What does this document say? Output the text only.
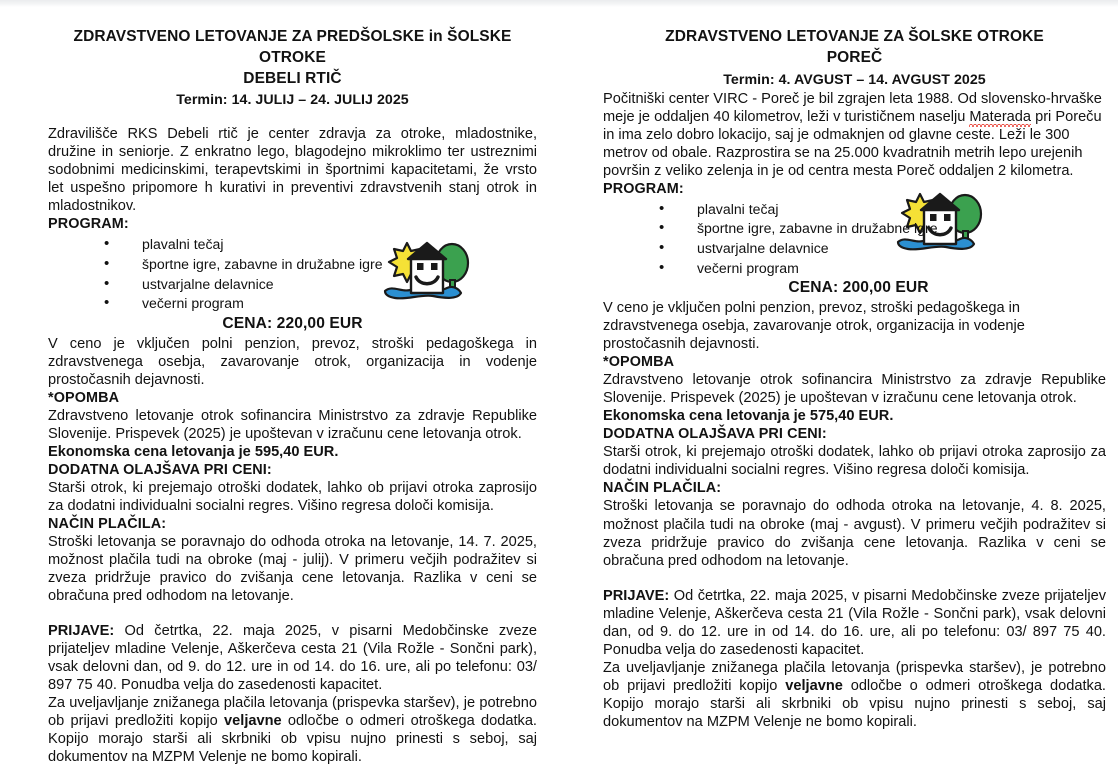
ZDRAVSTVENO LETOVANJE ZA PREDŠOLSKE in ŠOLSKE OTROKE
DEBELI RTIČ
Termin: 14. JULIJ – 24. JULIJ 2025

Zdravilišče RKS Debeli rtič je center zdravja za otroke, mladostnike, družine in seniorje. Z enkratno lego, blagodejno mikroklimo ter ustreznimi sodobnimi medicinskimi, terapevtskimi in športnimi kapacitetami, že vrsto let uspešno pripomore h kurativi in preventivi zdravstvenih stanj otrok in mladostnikov.

PROGRAM:

• plavalni tečaj
• športne igre, zabavne in družabne igre
• ustvarjalne delavnice
• večerni program

CENA: 220,00 EUR

V ceno je vključen polni penzion, prevoz, stroški pedagoškega in zdravstvenega osebja, zavarovanje otrok, organizacija in vodenje prostočasnih dejavnosti.

*OPOMBA

Zdravstveno letovanje otrok sofinancira Ministrstvo za zdravje Republike Slovenije. Prispevek (2025) je upoštevan v izračunu cene letovanja otrok.

Ekonomska cena letovanja je 595,40 EUR.

DODATNA OLAJŠAVA PRI CENI:

Starši otrok, ki prejemajo otroški dodatek, lahko ob prijavi otroka zaprosijo za dodatni individualni socialni regres. Višino regresa določi komisija.

NAČIN PLAČILA:

Stroški letovanja se poravnajo do odhoda otroka na letovanje, 14. 7. 2025, možnost plačila tudi na obroke (maj - julij). V primeru večjih podražitev si zveza pridržuje pravico do zvišanja cene letovanja. Razlika v ceni se obračuna pred odhodom na letovanje.

PRIJAVE: Od četrtka, 22. maja 2025, v pisarni Medobčinske zveze prijateljev mladine Velenje, Aškerčeva cesta 21 (Vila Rožle - Sončni park), vsak delovni dan, od 9. do 12. ure in od 14. do 16. ure, ali po telefonu: 03/ 897 75 40. Ponudba velja do zasedenosti kapacitet.

Za uveljavljanje znižanega plačila letovanja (prispevka staršev), je potrebno ob prijavi predložiti kopijo veljavne odločbe o odmeri otroškega dodatka. Kopijo morajo starši ali skrbniki ob vpisu nujno prinesti s seboj, saj dokumentov na MZPM Velenje ne bomo kopirali.

ZDRAVSTVENO LETOVANJE ZA ŠOLSKE OTROKE
POREČ
Termin: 4. AVGUST – 14. AVGUST 2025

Počitniški center VIRC - Poreč je bil zgrajen leta 1988. Od slovensko-hrvaške meje je oddaljen 40 kilometrov, leži v turističnem naselju Materada pri Poreču in ima zelo dobro lokacijo, saj je odmaknjen od glavne ceste. Leži le 300 metrov od obale. Razprostira se na 25.000 kvadratnih metrih lepo urejenih površin z veliko zelenja in je od centra mesta Poreč oddaljen 2 kilometra.

PROGRAM:

• plavalni tečaj
• športne igre, zabavne in družabne igre
• ustvarjalne delavnice
• večerni program

CENA: 200,00 EUR

V ceno je vključen polni penzion, prevoz, stroški pedagoškega in zdravstvenega osebja, zavarovanje otrok, organizacija in vodenje prostočasnih dejavnosti.

*OPOMBA

Zdravstveno letovanje otrok sofinancira Ministrstvo za zdravje Republike Slovenije. Prispevek (2025) je upoštevan v izračunu cene letovanja otrok.

Ekonomska cena letovanja je 575,40 EUR.

DODATNA OLAJŠAVA PRI CENI:

Starši otrok, ki prejemajo otroški dodatek, lahko ob prijavi otroka zaprosijo za dodatni individualni socialni regres. Višino regresa določi komisija.

NAČIN PLAČILA:

Stroški letovanja se poravnajo do odhoda otroka na letovanje, 4. 8. 2025, možnost plačila tudi na obroke (maj - avgust). V primeru večjih podražitev si zveza pridržuje pravico do zvišanja cene letovanja. Razlika v ceni se obračuna pred odhodom na letovanje.

PRIJAVE: Od četrtka, 22. maja 2025, v pisarni Medobčinske zveze prijateljev mladine Velenje, Aškerčeva cesta 21 (Vila Rožle - Sončni park), vsak delovni dan, od 9. do 12. ure in od 14. do 16. ure, ali po telefonu: 03/ 897 75 40. Ponudba velja do zasedenosti kapacitet.

Za uveljavljanje znižanega plačila letovanja (prispevka staršev), je potrebno ob prijavi predložiti kopijo veljavne odločbe o odmeri otroškega dodatka. Kopijo morajo starši ali skrbniki ob vpisu nujno prinesti s seboj, saj dokumentov na MZPM Velenje ne bomo kopirali.
